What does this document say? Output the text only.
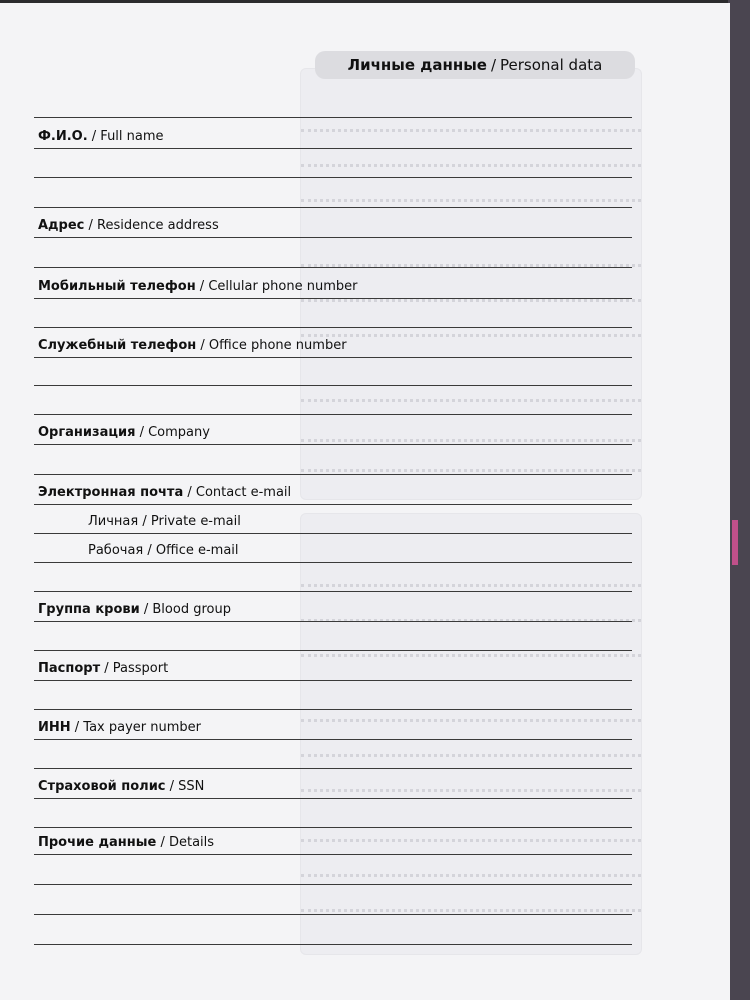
Личные данные / Personal data
Ф.И.О. / Full name
Адрес / Residence address
Мобильный телефон / Cellular phone number
Служебный телефон / Office phone number
Организация / Company
Электронная почта / Contact e-mail
Личная / Private e-mail
Рабочая / Office e-mail
Группа крови / Blood group
Паспорт / Passport
ИНН / Tax payer number
Страховой полис / SSN
Прочие данные / Details
